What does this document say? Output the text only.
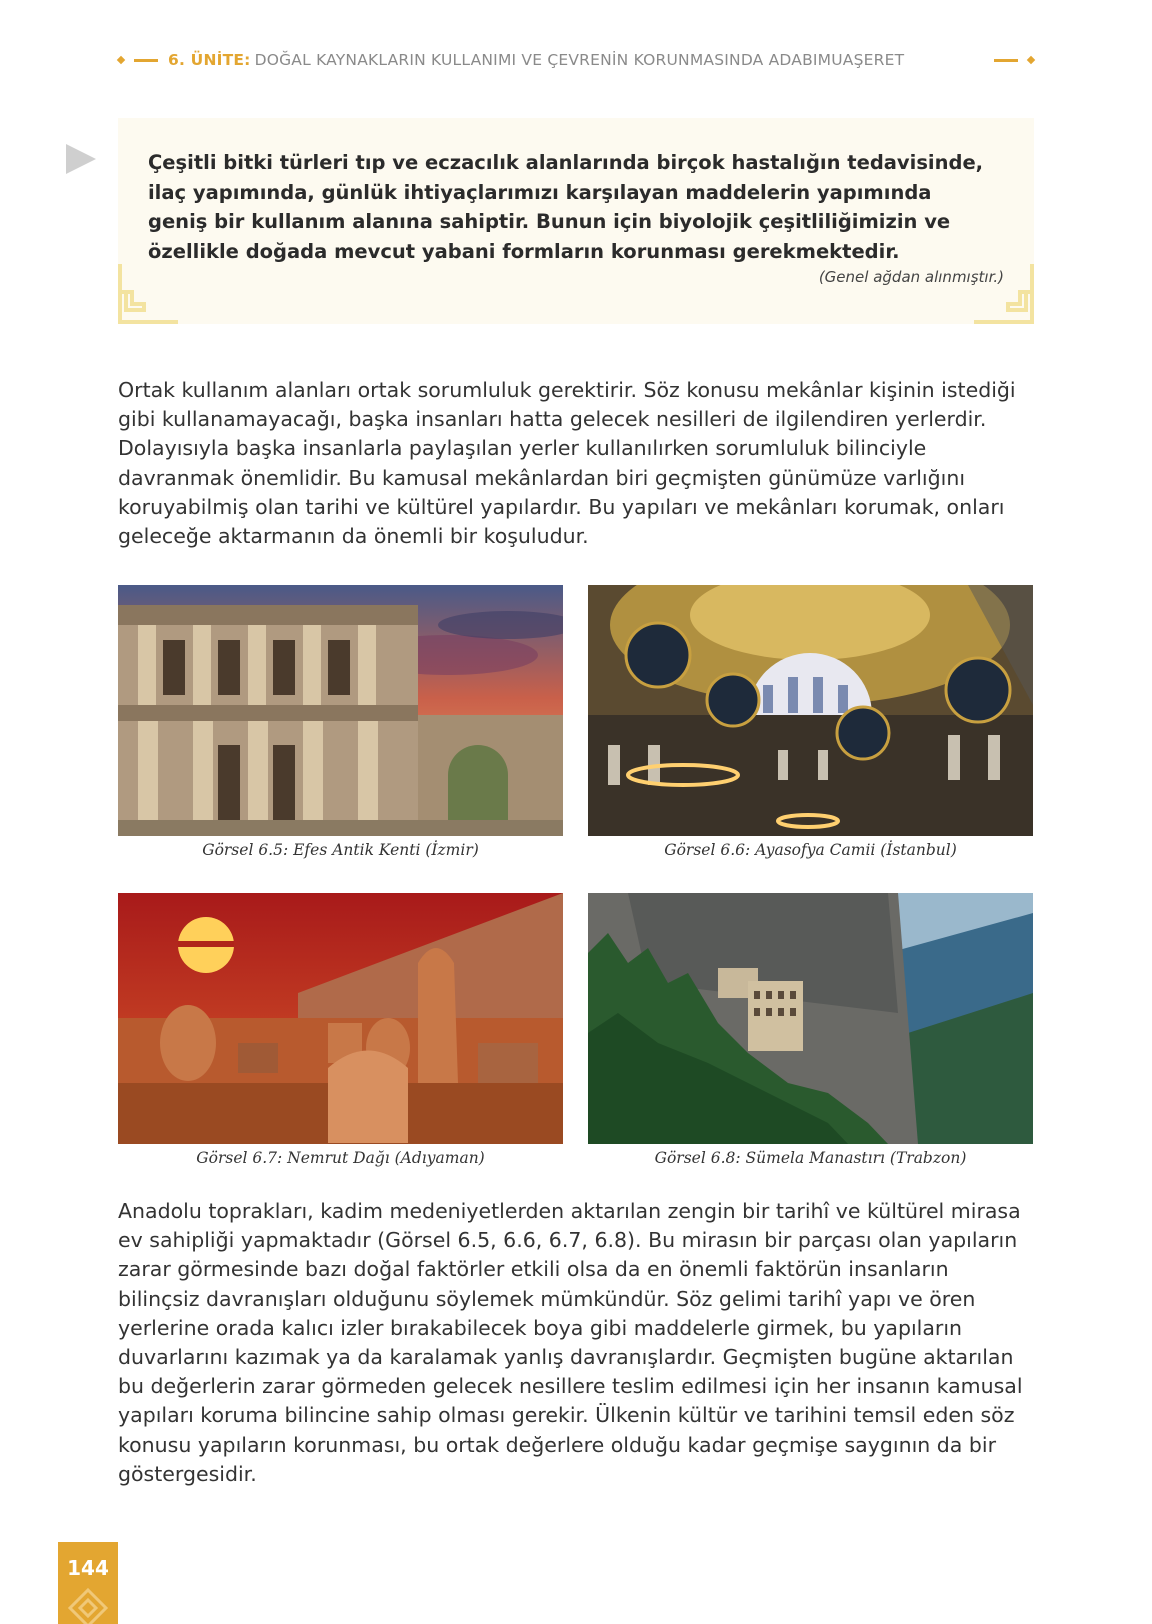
6. ÜNİTE: DOĞAL KAYNAKLARIN KULLANIMI VE ÇEVRENİN KORUNMASINDA ADABIMUAŞERET

Çeşitli bitki türleri tıp ve eczacılık alanlarında birçok hastalığın tedavisinde, ilaç yapımında, günlük ihtiyaçlarımızı karşılayan maddelerin yapımında geniş bir kullanım alanına sahiptir. Bunun için biyolojik çeşitliliğimizin ve özellikle doğada mevcut yabani formların korunması gerekmektedir.

(Genel ağdan alınmıştır.)

Ortak kullanım alanları ortak sorumluluk gerektirir. Söz konusu mekânlar kişinin istediği gibi kullanamayacağı, başka insanları hatta gelecek nesilleri de ilgilendiren yerlerdir. Dolayısıyla başka insanlarla paylaşılan yerler kullanılırken sorumluluk bilinciyle davranmak önemlidir. Bu kamusal mekânlardan biri geçmişten günümüze varlığını koruyabilmiş olan tarihi ve kültürel yapılardır. Bu yapıları ve mekânları korumak, onları geleceğe aktarmanın da önemli bir koşuludur.

Görsel 6.5: Efes Antik Kenti (İzmir)	Görsel 6.6: Ayasofya Camii (İstanbul)
Görsel 6.7: Nemrut Dağı (Adıyaman)	Görsel 6.8: Sümela Manastırı (Trabzon)

Anadolu toprakları, kadim medeniyetlerden aktarılan zengin bir tarihî ve kültürel mirasa ev sahipliği yapmaktadır (Görsel 6.5, 6.6, 6.7, 6.8). Bu mirasın bir parçası olan yapıların zarar görmesinde bazı doğal faktörler etkili olsa da en önemli faktörün insanların bilinçsiz davranışları olduğunu söylemek mümkündür. Söz gelimi tarihî yapı ve ören yerlerine orada kalıcı izler bırakabilecek boya gibi maddelerle girmek, bu yapıların duvarlarını kazımak ya da karalamak yanlış davranışlardır. Geçmişten bugüne aktarılan bu değerlerin zarar görmeden gelecek nesillere teslim edilmesi için her insanın kamusal yapıları koruma bilincine sahip olması gerekir. Ülkenin kültür ve tarihini temsil eden söz konusu yapıların korunması, bu ortak değerlere olduğu kadar geçmişe saygının da bir göstergesidir.

144
